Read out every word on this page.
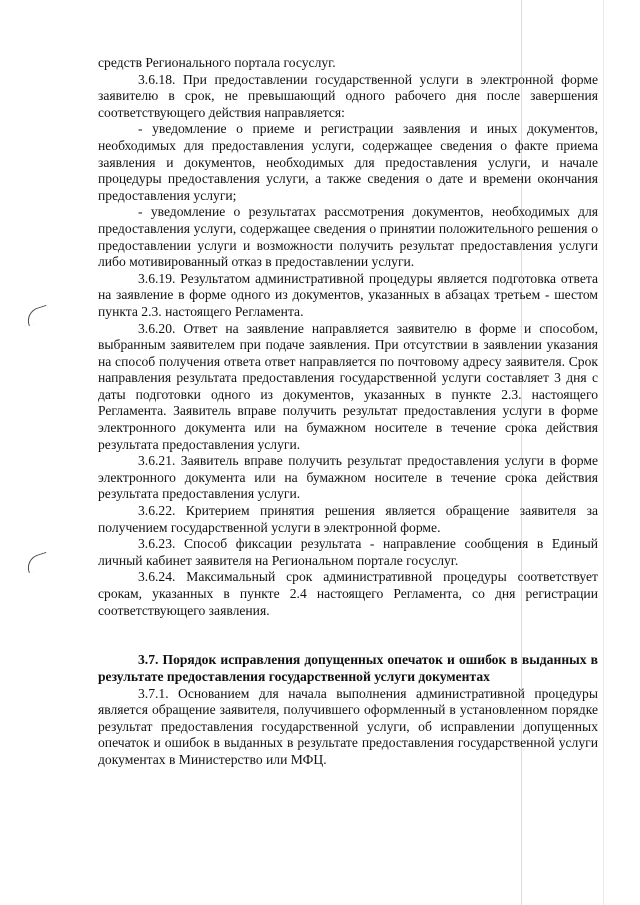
средств Регионального портала госуслуг.

3.6.18. При предоставлении государственной услуги в электронной форме заявителю в срок, не превышающий одного рабочего дня после завершения соответствующего действия направляется:

- уведомление о приеме и регистрации заявления и иных документов, необходимых для предоставления услуги, содержащее сведения о факте приема заявления и документов, необходимых для предоставления услуги, и начале процедуры предоставления услуги, а также сведения о дате и времени окончания предоставления услуги;

- уведомление о результатах рассмотрения документов, необходимых для предоставления услуги, содержащее сведения о принятии положительного решения о предоставлении услуги и возможности получить результат предоставления услуги либо мотивированный отказ в предоставлении услуги.

3.6.19. Результатом административной процедуры является подготовка ответа на заявление в форме одного из документов, указанных в абзацах третьем - шестом пункта 2.3. настоящего Регламента.

3.6.20. Ответ на заявление направляется заявителю в форме и способом, выбранным заявителем при подаче заявления. При отсутствии в заявлении указания на способ получения ответа ответ направляется по почтовому адресу заявителя. Срок направления результата предоставления государственной услуги составляет 3 дня с даты подготовки одного из документов, указанных в пункте 2.3. настоящего Регламента. Заявитель вправе получить результат предоставления услуги в форме электронного документа или на бумажном носителе в течение срока действия результата предоставления услуги.

3.6.21. Заявитель вправе получить результат предоставления услуги в форме электронного документа или на бумажном носителе в течение срока действия результата предоставления услуги.

3.6.22. Критерием принятия решения является обращение заявителя за получением государственной услуги в электронной форме.

3.6.23. Способ фиксации результата - направление сообщения в Единый личный кабинет заявителя на Региональном портале госуслуг.

3.6.24. Максимальный срок административной процедуры соответствует срокам, указанных в пункте 2.4 настоящего Регламента, со дня регистрации соответствующего заявления.

3.7. Порядок исправления допущенных опечаток и ошибок в выданных в результате предоставления государственной услуги документах

3.7.1. Основанием для начала выполнения административной процедуры является обращение заявителя, получившего оформленный в установленном порядке результат предоставления государственной услуги, об исправлении допущенных опечаток и ошибок в выданных в результате предоставления государственной услуги документах в Министерство или МФЦ.
